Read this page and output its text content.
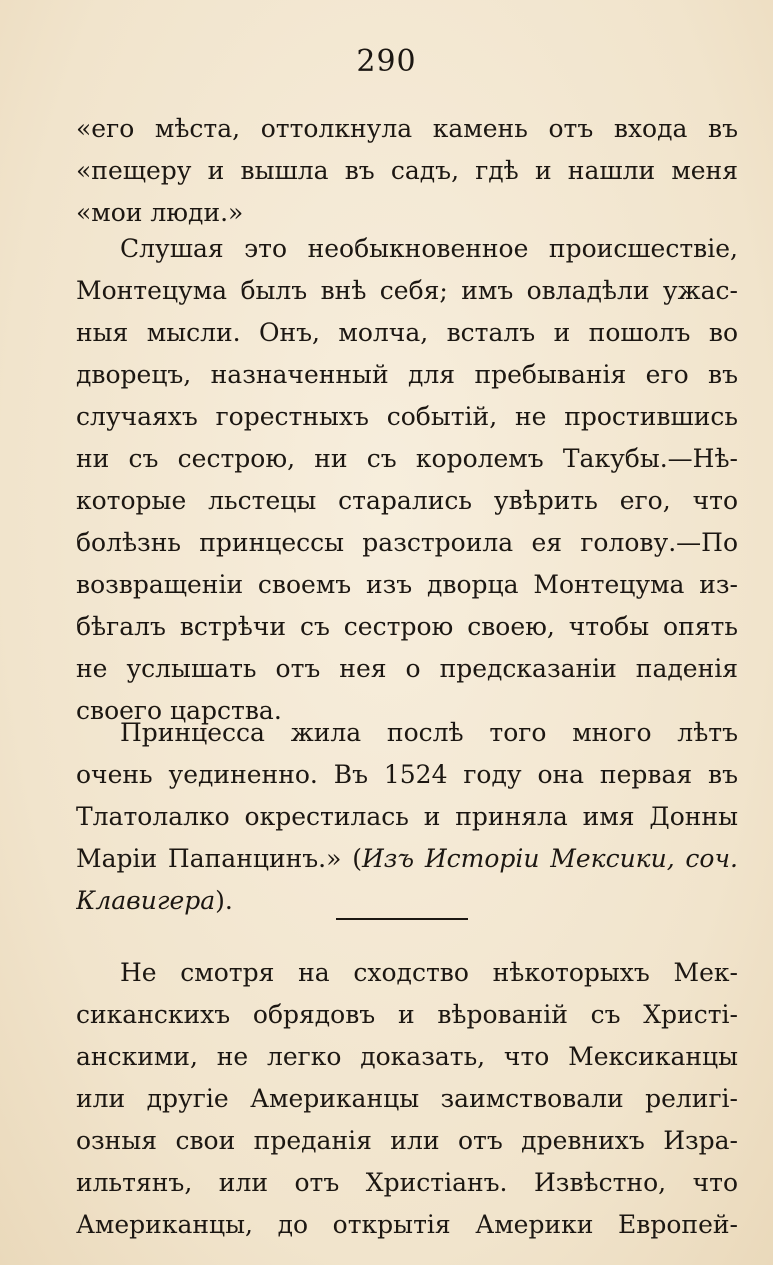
290
«его мѣста, оттолкнула камень отъ входа въ
«пещеру и вышла въ садъ, гдѣ и нашли меня
«мои люди.»
Слушая это необыкновенное происшествіе,
Монтецума былъ внѣ себя; имъ овладѣли ужас-
ныя мысли. Онъ, молча, всталъ и пошолъ во
дворецъ, назначенный для пребыванія его въ
случаяхъ горестныхъ событій, не простившись
ни съ сестрою, ни съ королемъ Такубы.—Нѣ-
которые льстецы старались увѣрить его, что
болѣзнь принцессы разстроила ея голову.—По
возвращеніи своемъ изъ дворца Монтецума из-
бѣгалъ встрѣчи съ сестрою своею, чтобы опять
не услышать отъ нея о предсказаніи паденія
своего царства.
Принцесса жила послѣ того много лѣтъ
очень уединенно. Въ 1524 году она первая въ
Тлатолалко окрестилась и приняла имя Донны
Маріи Папанцинъ.» (Изъ Исторіи Мексики, соч.
Клавигера).
Не смотря на сходство нѣкоторыхъ Мек-
сиканскихъ обрядовъ и вѣрованій съ Христі-
анскими, не легко доказать, что Мексиканцы
или другіе Американцы заимствовали религі-
озныя свои преданія или отъ древнихъ Изра-
ильтянъ, или отъ Христіанъ. Извѣстно, что
Американцы, до открытія Америки Европей-
